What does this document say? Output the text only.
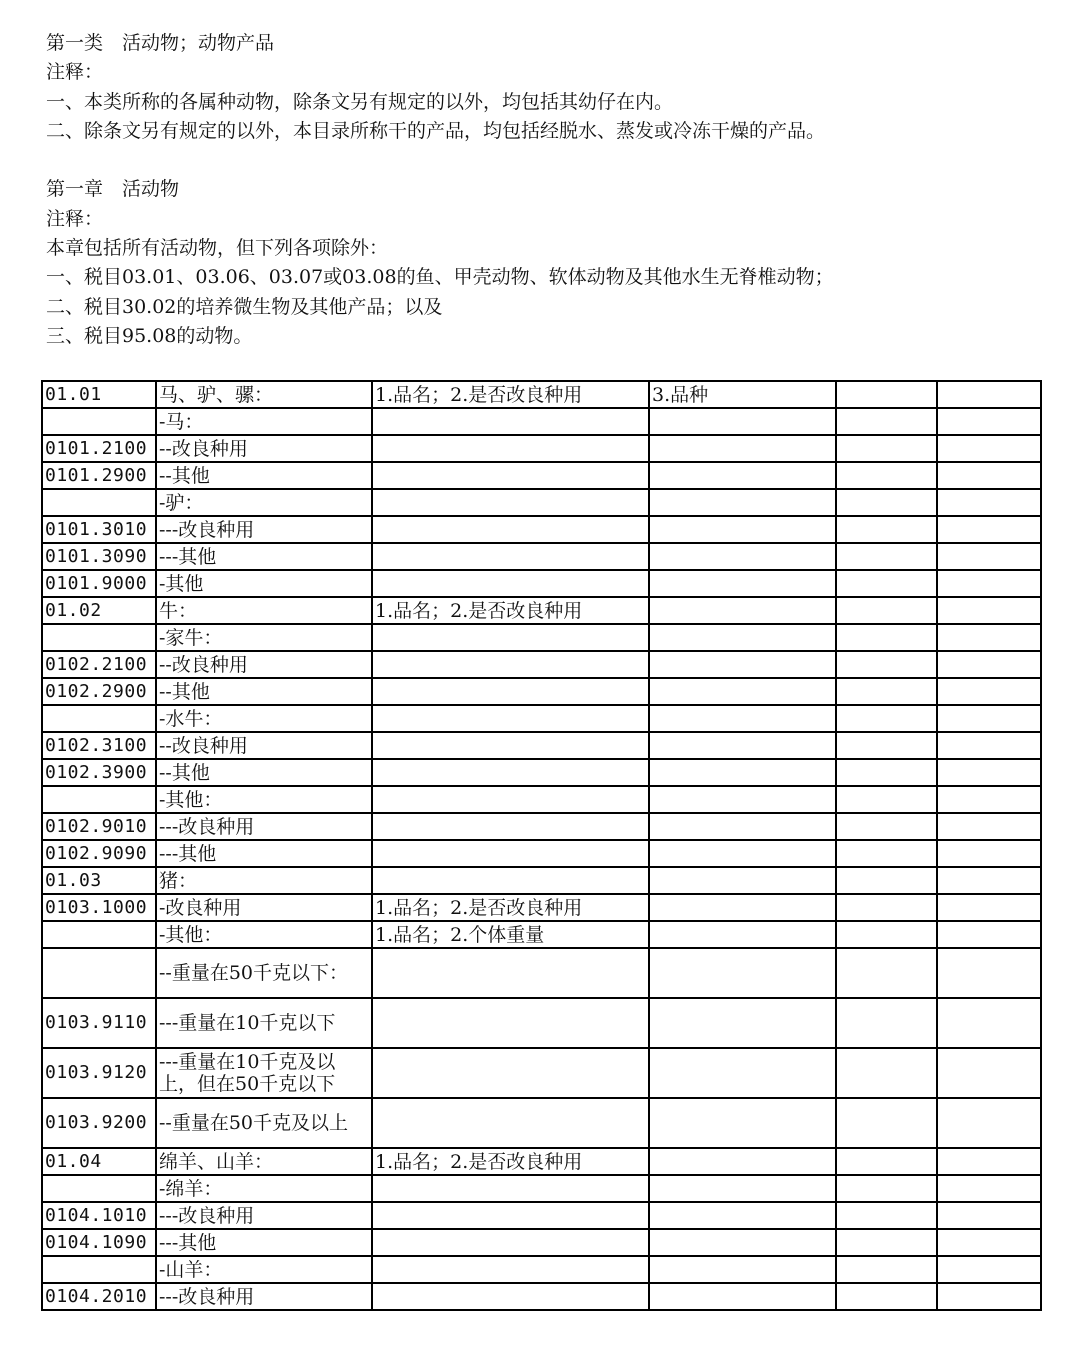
第一类　活动物；动物产品
注释：
一、本类所称的各属种动物，除条文另有规定的以外，均包括其幼仔在内。
二、除条文另有规定的以外，本目录所称干的产品，均包括经脱水、蒸发或冷冻干燥的产品。
第一章　活动物
注释：
本章包括所有活动物，但下列各项除外：
一、税目03.01、03.06、03.07或03.08的鱼、甲壳动物、软体动物及其他水生无脊椎动物；
二、税目30.02的培养微生物及其他产品；以及
三、税目95.08的动物。
01.01	马、驴、骡：	1.品名；2.是否改良种用	3.品种		
	-马：				
0101.2100	--改良种用				
0101.2900	--其他				
	-驴：				
0101.3010	---改良种用				
0101.3090	---其他				
0101.9000	-其他				
01.02	牛：	1.品名；2.是否改良种用			
	-家牛：				
0102.2100	--改良种用				
0102.2900	--其他				
	-水牛：				
0102.3100	--改良种用				
0102.3900	--其他				
	-其他：				
0102.9010	---改良种用				
0102.9090	---其他				
01.03	猪：				
0103.1000	-改良种用	1.品名；2.是否改良种用			
	-其他：	1.品名；2.个体重量			
	--重量在50千克以下：				
0103.9110	---重量在10千克以下				
0103.9120	---重量在10千克及以上，但在50千克以下				
0103.9200	--重量在50千克及以上				
01.04	绵羊、山羊：	1.品名；2.是否改良种用			
	-绵羊：				
0104.1010	---改良种用				
0104.1090	---其他				
	-山羊：				
0104.2010	---改良种用				
